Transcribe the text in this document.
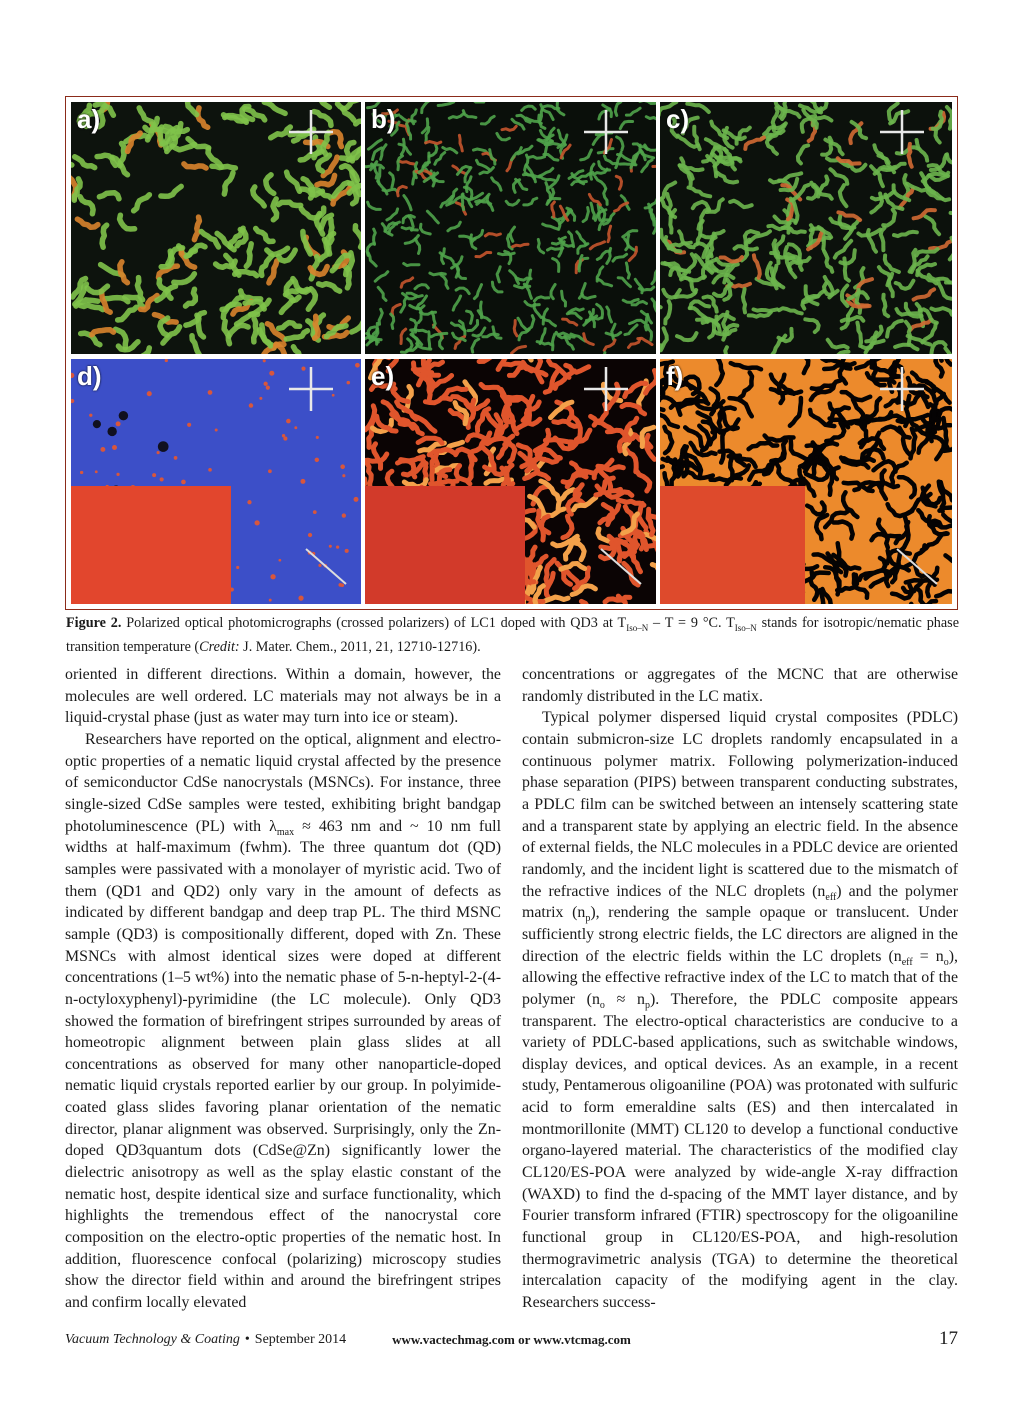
a)	b)	c)
d)	e)	f)
Figure 2. Polarized optical photomicrographs (crossed polarizers) of LC1 doped with QD3 at $T_{Iso-N} - T = 9$ °C. $T_{Iso-N}$ stands for isotropic/nematic phase transition temperature (Credit: J. Mater. Chem., 2011, 21, 12710-12716).

oriented in different directions. Within a domain, however, the molecules are well ordered. LC materials may not always be in a liquid-crystal phase (just as water may turn into ice or steam).

Researchers have reported on the optical, alignment and electro-optic properties of a nematic liquid crystal affected by the presence of semiconductor CdSe nanocrystals (MSNCs). For instance, three single-sized CdSe samples were tested, exhibiting bright bandgap photoluminescence (PL) with $\lambda_{max} \approx 463$ nm and ~ 10 nm full widths at half-maximum (fwhm). The three quantum dot (QD) samples were passivated with a monolayer of myristic acid. Two of them (QD1 and QD2) only vary in the amount of defects as indicated by different bandgap and deep trap PL. The third MSNC sample (QD3) is compositionally different, doped with Zn. These MSNCs with almost identical sizes were doped at different concentrations (1–5 wt%) into the nematic phase of 5-n-heptyl-2-(4-n-octyloxyphenyl)-pyrimidine (the LC molecule). Only QD3 showed the formation of birefringent stripes surrounded by areas of homeotropic alignment between plain glass slides at all concentrations as observed for many other nanoparticle-doped nematic liquid crystals reported earlier by our group. In polyimide-coated glass slides favoring planar orientation of the nematic director, planar alignment was observed. Surprisingly, only the Zn-doped QD3quantum dots (CdSe@Zn) significantly lower the dielectric anisotropy as well as the splay elastic constant of the nematic host, despite identical size and surface functionality, which highlights the tremendous effect of the nanocrystal core composition on the electro-optic properties of the nematic host. In addition, fluorescence confocal (polarizing) microscopy studies show the director field within and around the birefringent stripes and confirm locally elevated

concentrations or aggregates of the MCNC that are otherwise randomly distributed in the LC matix.

Typical polymer dispersed liquid crystal composites (PDLC) contain submicron-size LC droplets randomly encapsulated in a continuous polymer matrix. Following polymerization-induced phase separation (PIPS) between transparent conducting substrates, a PDLC film can be switched between an intensely scattering state and a transparent state by applying an electric field. In the absence of external fields, the NLC molecules in a PDLC device are oriented randomly, and the incident light is scattered due to the mismatch of the refractive indices of the NLC droplets $(n_{eff})$ and the polymer matrix $(n_p)$, rendering the sample opaque or translucent. Under sufficiently strong electric fields, the LC directors are aligned in the direction of the electric fields within the LC droplets $(n_{eff} = n_o)$, allowing the effective refractive index of the LC to match that of the polymer $(n_o \approx n_p)$. Therefore, the PDLC composite appears transparent. The electro-optical characteristics are conducive to a variety of PDLC-based applications, such as switchable windows, display devices, and optical devices. As an example, in a recent study, Pentamerous oligoaniline (POA) was protonated with sulfuric acid to form emeraldine salts (ES) and then intercalated in montmorillonite (MMT) CL120 to develop a functional conductive organo-layered material. The characteristics of the modified clay CL120/ES-POA were analyzed by wide-angle X-ray diffraction (WAXD) to find the d-spacing of the MMT layer distance, and by Fourier transform infrared (FTIR) spectroscopy for the oligoaniline functional group in CL120/ES-POA, and high-resolution thermogravimetric analysis (TGA) to determine the theoretical intercalation capacity of the modifying agent in the clay. Researchers success-

Vacuum Technology & Coating • September 2014	www.vactechmag.com or www.vtcmag.com	17
